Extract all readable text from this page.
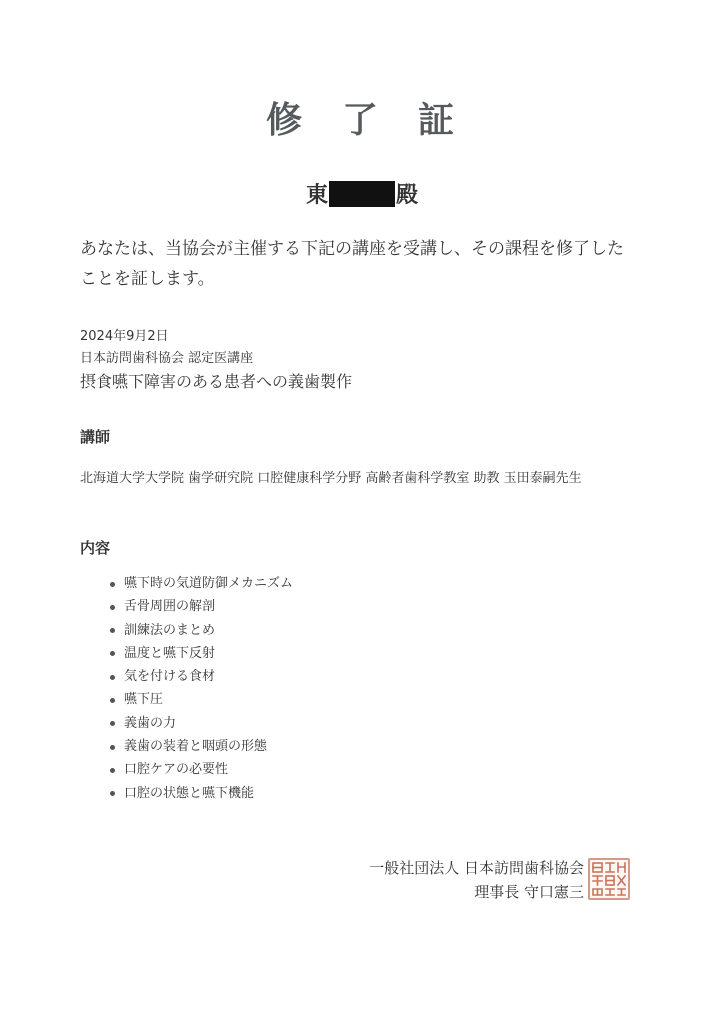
修 了 証
東	殿
あなたは、当協会が主催する下記の講座を受講し、その課程を修了した
ことを証します。
2024年9月2日
日本訪問歯科協会 認定医講座
摂食嚥下障害のある患者への義歯製作
講師
北海道大学大学院 歯学研究院 口腔健康科学分野 高齢者歯科学教室 助教 玉田泰嗣先生
内容
嚥下時の気道防御メカニズム
舌骨周囲の解剖
訓練法のまとめ
温度と嚥下反射
気を付ける食材
嚥下圧
義歯の力
義歯の装着と咽頭の形態
口腔ケアの必要性
口腔の状態と嚥下機能
一般社団法人 日本訪問歯科協会
理事長 守口憲三
